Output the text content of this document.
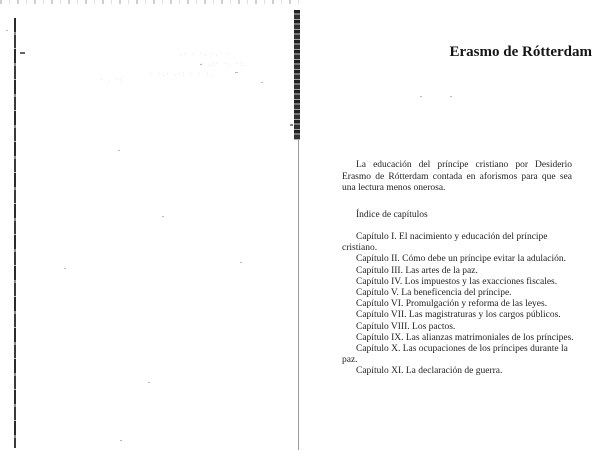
.· · ·: ·.· ·
· .:· ·. ·:.
· ·.· .·: · · :.
· . ·:
Erasmo de Rótterdam

La educación del príncipe cristiano por Desiderio Erasmo de Rótterdam contada en aforismos para que sea una lectura menos onerosa.

Índice de capítulos

Capítulo I. El nacimiento y educación del príncipe cristiano.
Capítulo II. Cómo debe un príncipe evitar la adulación.
Capítulo III. Las artes de la paz.
Capítulo IV. Los impuestos y las exacciones fiscales.
Capítulo V. La beneficencia del príncipe.
Capítulo VI. Promulgación y reforma de las leyes.
Capítulo VII. Las magistraturas y los cargos públicos.
Capítulo VIII. Los pactos.
Capítulo IX. Las alianzas matrimoniales de los príncipes.
Capítulo X. Las ocupaciones de los príncipes durante la paz.
Capítulo XI. La declaración de guerra.
